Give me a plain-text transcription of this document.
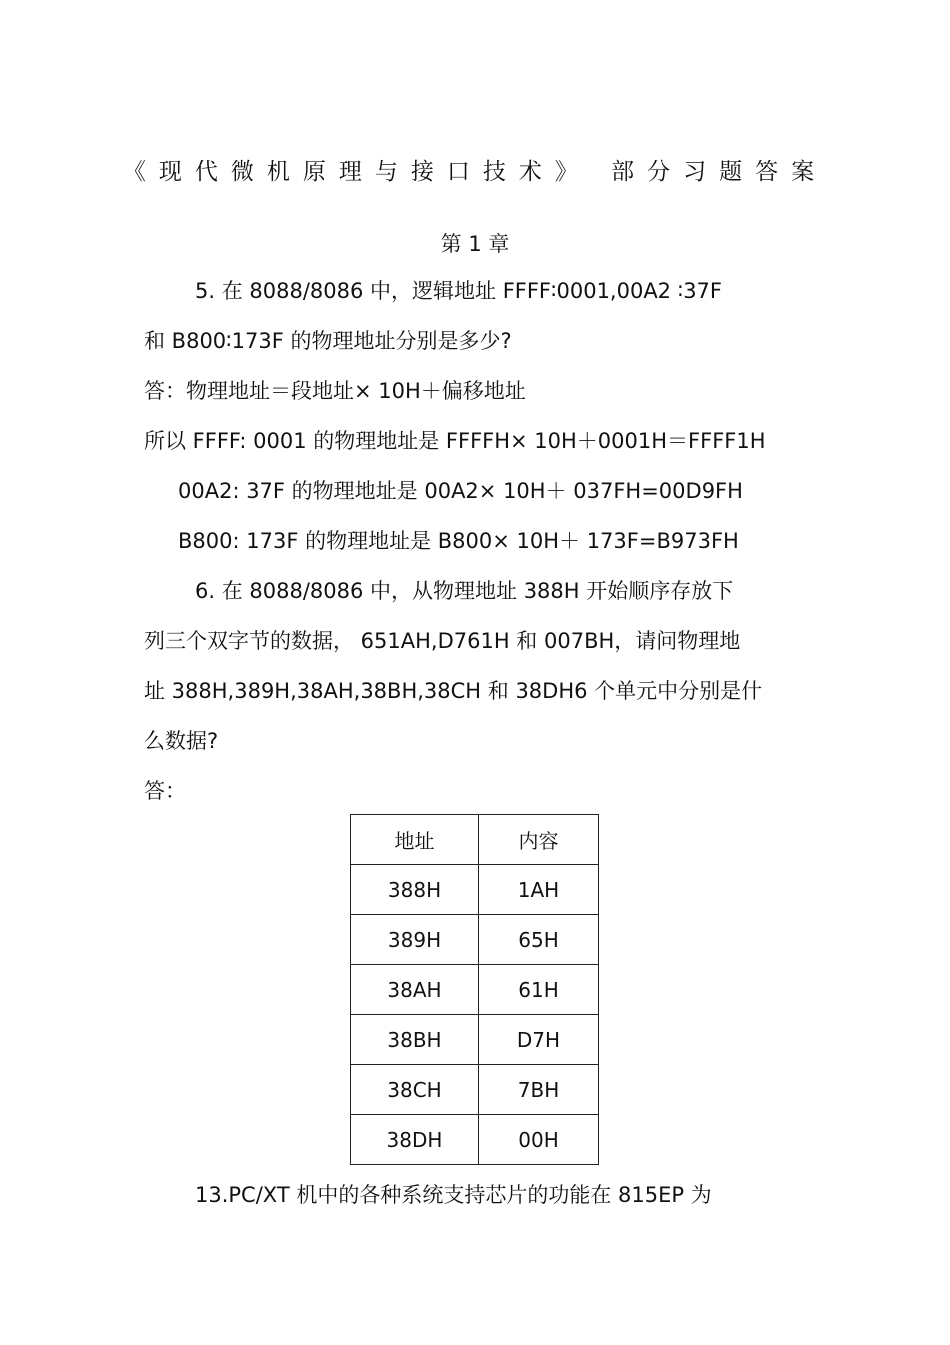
《现代微机原理与接口技术》 部分习题答案
第 1 章
5. 在 8088/8086 中，逻辑地址 FFFF∶0001,00A2 ∶37F
和 B800∶173F 的物理地址分别是多少?
答：物理地址＝段地址× 10H＋偏移地址
所以 FFFF: 0001 的物理地址是 FFFFH× 10H＋0001H＝FFFF1H
00A2: 37F 的物理地址是 00A2× 10H＋ 037FH=00D9FH
B800: 173F 的物理地址是 B800× 10H＋ 173F=B973FH
6. 在 8088/8086 中，从物理地址 388H 开始顺序存放下
列三个双字节的数据， 651AH,D761H 和 007BH，请问物理地
址 388H,389H,38AH,38BH,38CH 和 38DH6 个单元中分别是什
么数据?
答：
地址	内容
388H	1AH
389H	65H
38AH	61H
38BH	D7H
38CH	7BH
38DH	00H
13.PC/XT 机中的各种系统支持芯片的功能在 815EP 为
